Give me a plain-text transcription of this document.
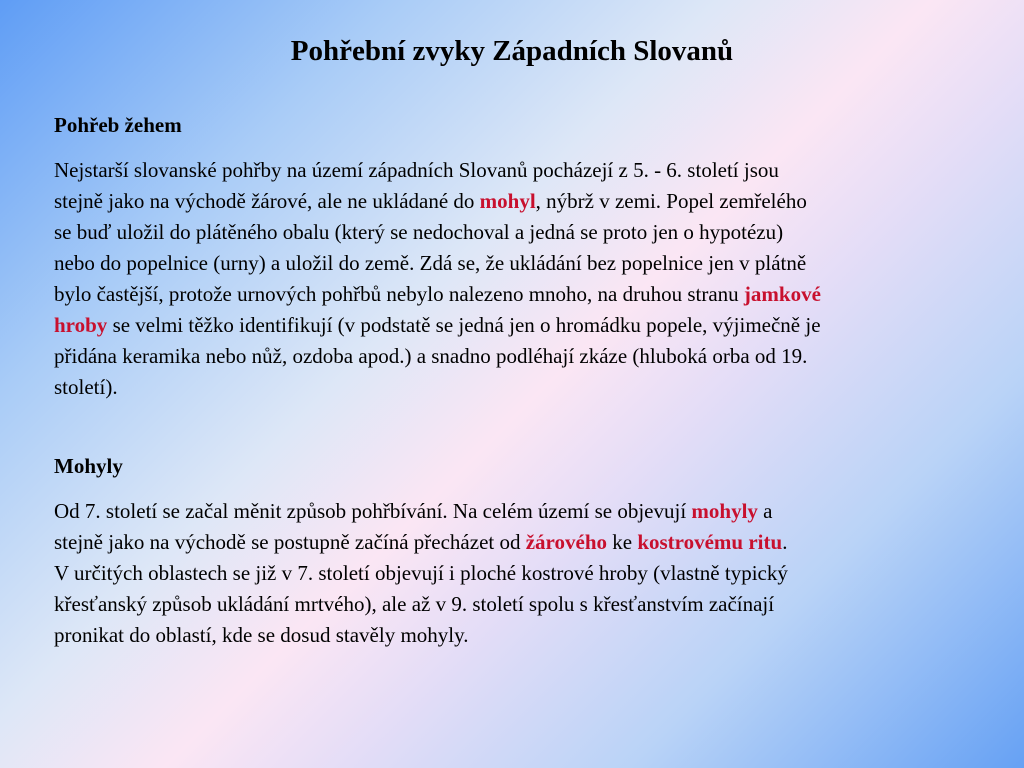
Pohřební zvyky Západních Slovanů
Pohřeb žehem
Nejstarší slovanské pohřby na území západních Slovanů pocházejí z 5. - 6. století jsou
stejně jako na východě žárové, ale ne ukládané do mohyl, nýbrž v zemi. Popel zemřelého
se buď uložil do plátěného obalu (který se nedochoval a jedná se proto jen o hypotézu)
nebo do popelnice (urny) a uložil do země. Zdá se, že ukládání bez popelnice jen v plátně
bylo častější, protože urnových pohřbů nebylo nalezeno mnoho, na druhou stranu jamkové
hroby se velmi těžko identifikují (v podstatě se jedná jen o hromádku popele, výjimečně je
přidána keramika nebo nůž, ozdoba apod.) a snadno podléhají zkáze (hluboká orba od 19.
století).
Mohyly
Od 7. století se začal měnit způsob pohřbívání. Na celém území se objevují mohyly a
stejně jako na východě se postupně začíná přecházet od žárového ke kostrovému ritu.
V určitých oblastech se již v 7. století objevují i ploché kostrové hroby (vlastně typický
křesťanský způsob ukládání mrtvého), ale až v 9. století spolu s křesťanstvím začínají
pronikat do oblastí, kde se dosud stavěly mohyly.
